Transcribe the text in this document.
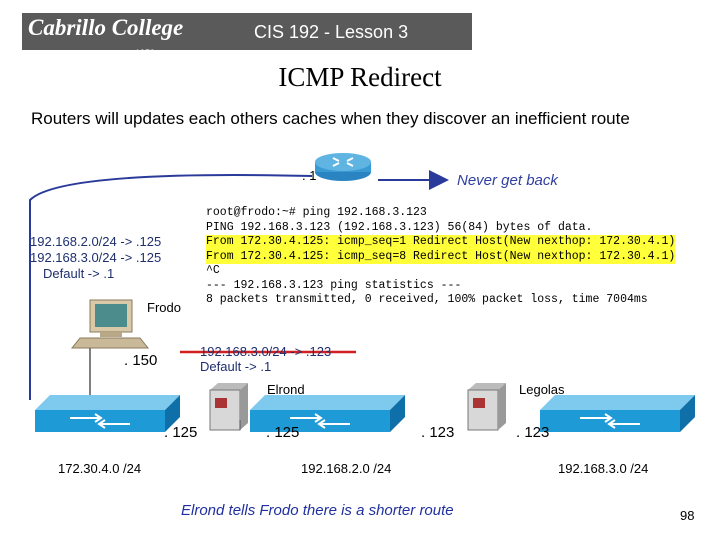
Cabrillo College
est. 1959
CIS 192 - Lesson 3
ICMP Redirect
Routers will updates each others caches when they discover an inefficient route
. 1	Never get back
192.168.2.0/24 -> .125
192.168.3.0/24 -> .125
Default -> .1
Frodo
. 150
root@frodo:~# ping 192.168.3.123
PING 192.168.3.123 (192.168.3.123) 56(84) bytes of data.
From 172.30.4.125: icmp_seq=1 Redirect Host(New nexthop: 172.30.4.1)
From 172.30.4.125: icmp_seq=8 Redirect Host(New nexthop: 172.30.4.1)
^C
--- 192.168.3.123 ping statistics ---
8 packets transmitted, 0 received, 100% packet loss, time 7004ms
192.168.3.0/24 -> .123
Default -> .1
Elrond	Legolas
. 125	. 125	. 123	. 123
172.30.4.0 /24	192.168.2.0 /24	192.168.3.0 /24
Elrond tells Frodo there is a shorter route	98
